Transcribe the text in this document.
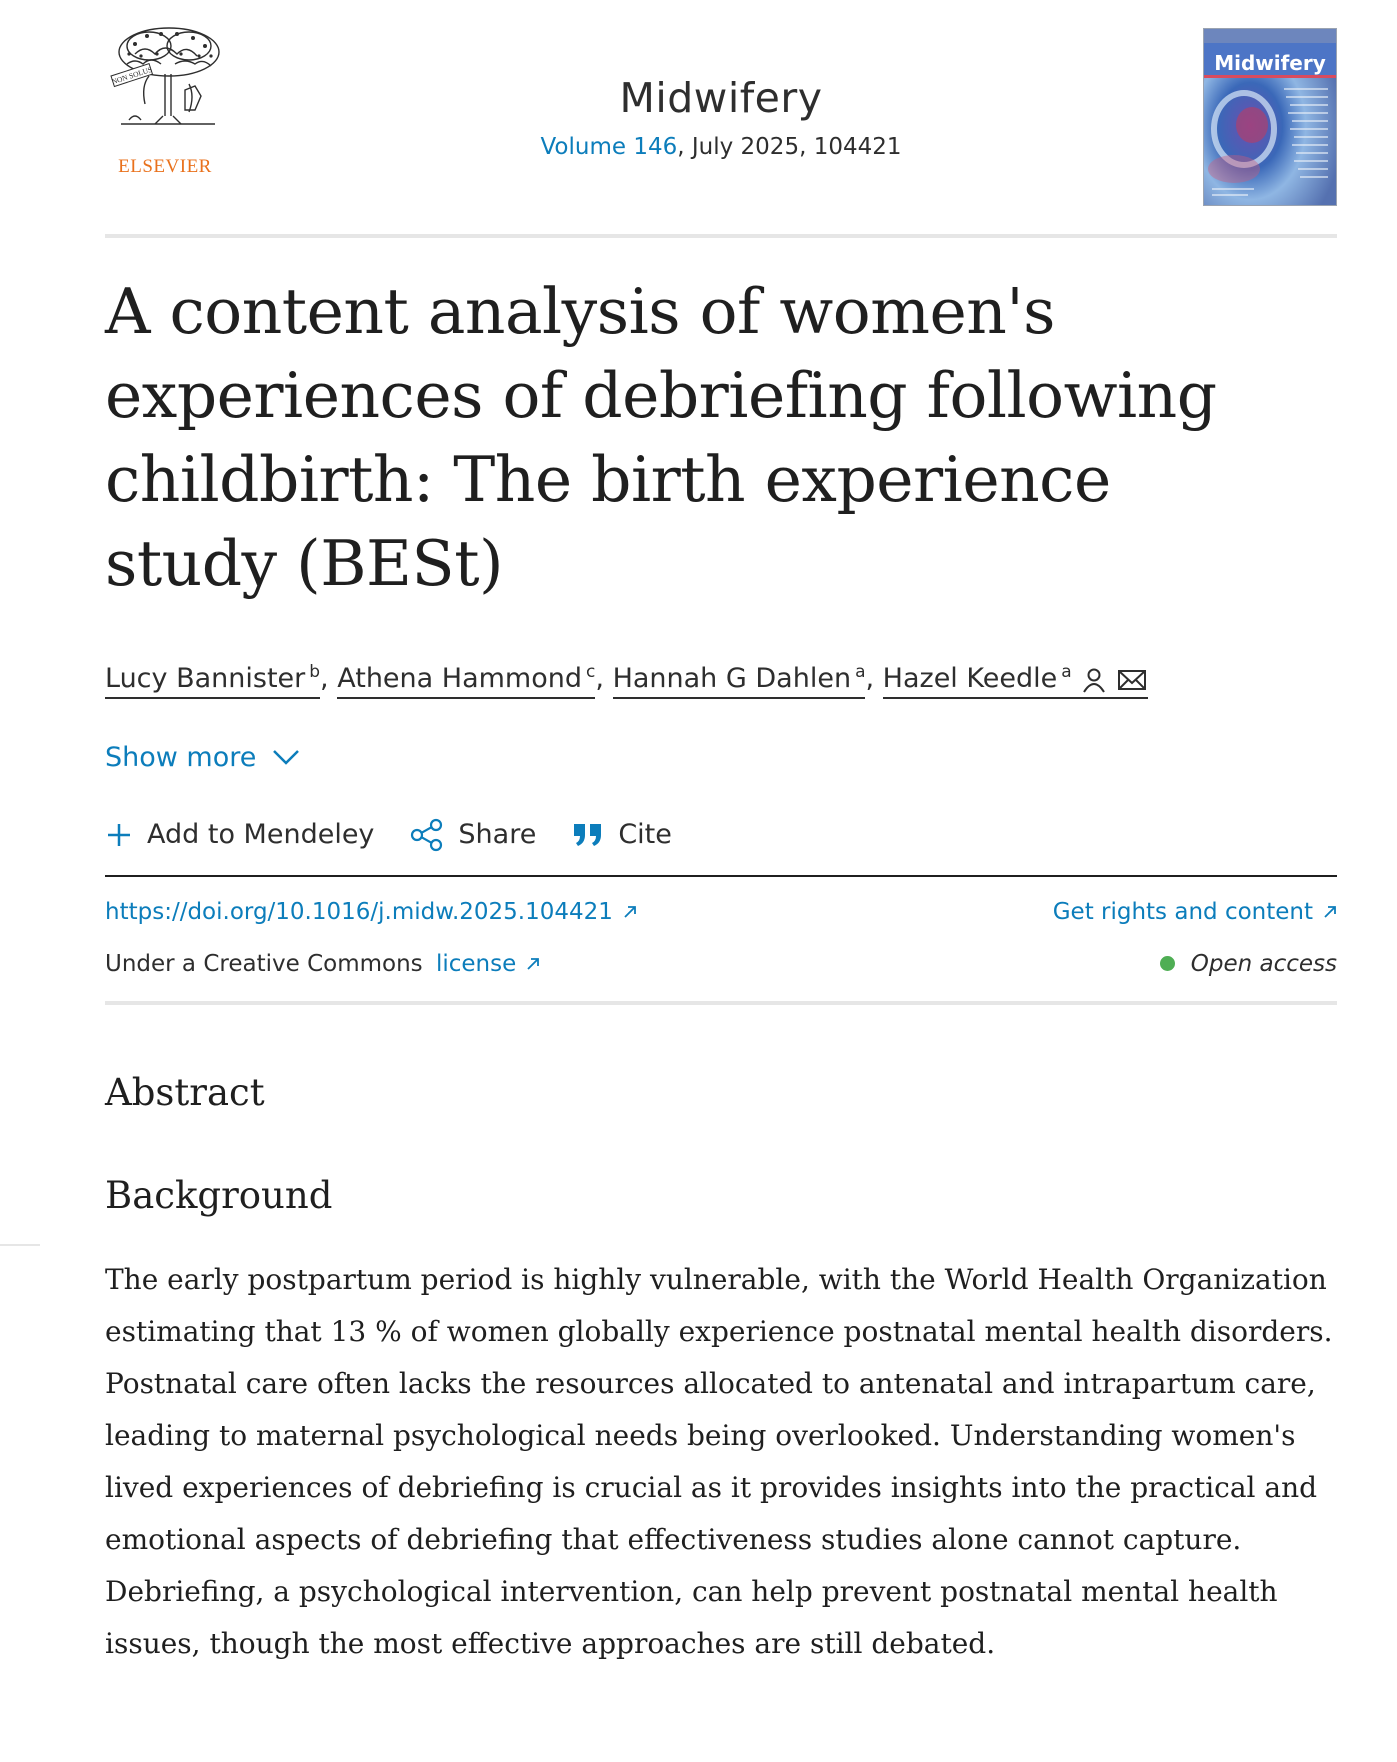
NON SOLUS
ELSEVIER
Midwifery
Volume 146, July 2025, 104421
Midwifery
A content analysis of women's experiences of debriefing following childbirth: The birth experience study (BESt)
Lucy Bannister $^b$, Athena Hammond $^c$, Hannah G Dahlen $^a$, Hazel Keedle $^a$
Show more
Add to Mendeley	Share	Cite
https://doi.org/10.1016/j.midw.2025.104421	Get rights and content
Under a Creative Commons license	Open access
Abstract
Background

The early postpartum period is highly vulnerable, with the World Health Organization estimating that 13 % of women globally experience postnatal mental health disorders. Postnatal care often lacks the resources allocated to antenatal and intrapartum care, leading to maternal psychological needs being overlooked. Understanding women's lived experiences of debriefing is crucial as it provides insights into the practical and emotional aspects of debriefing that effectiveness studies alone cannot capture. Debriefing, a psychological intervention, can help prevent postnatal mental health issues, though the most effective approaches are still debated.
